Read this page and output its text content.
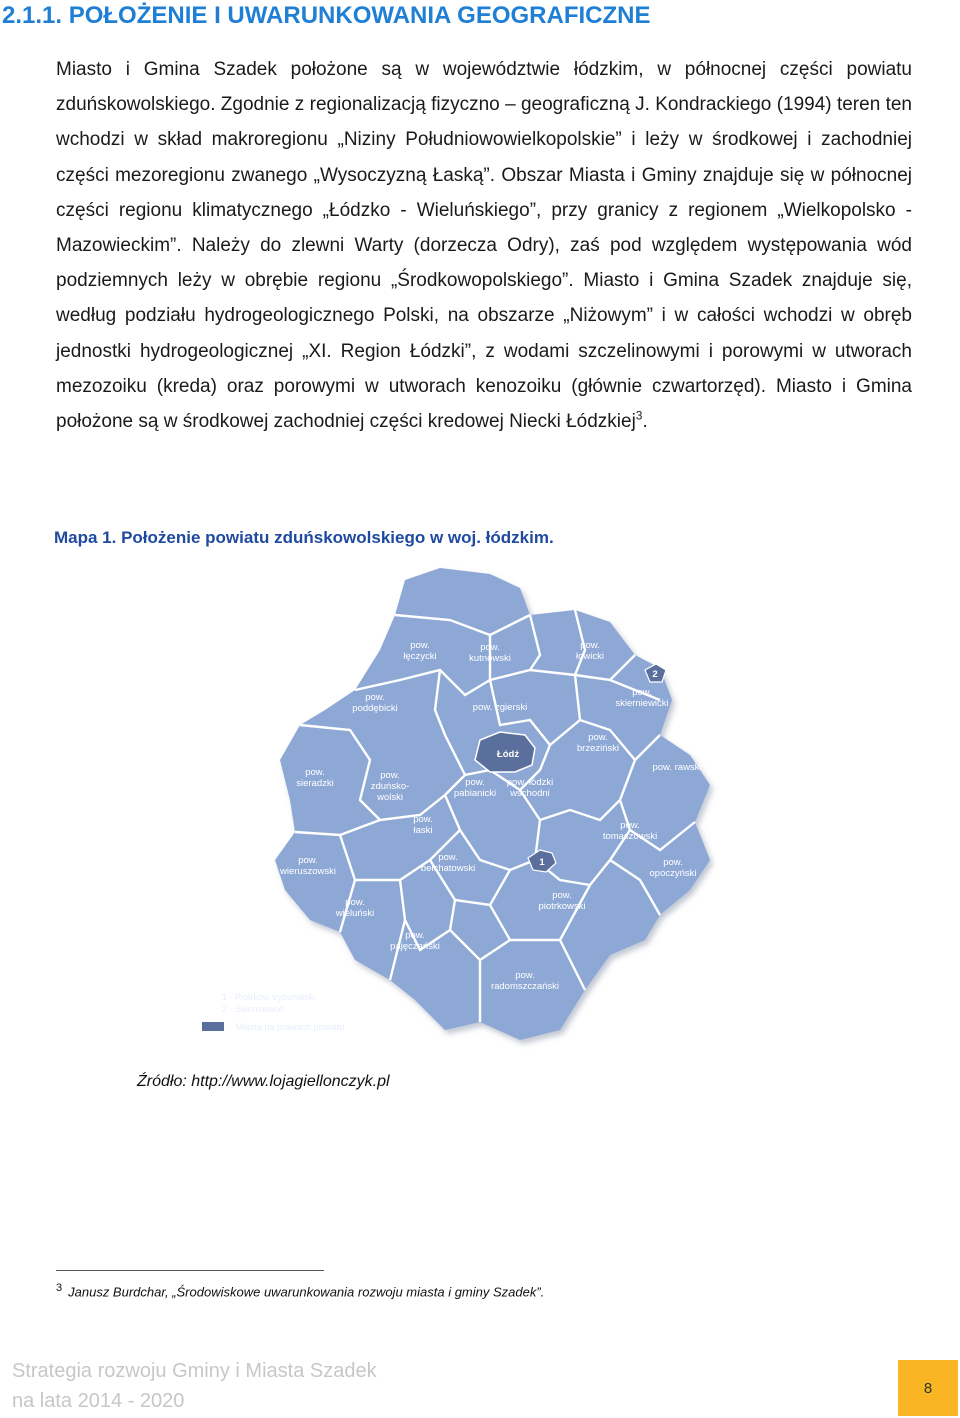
2.1.1. POŁOŻENIE I UWARUNKOWANIA GEOGRAFICZNE

Miasto i Gmina Szadek położone są w województwie łódzkim, w północnej części powiatu zduńskowolskiego. Zgodnie z regionalizacją fizyczno – geograficzną J. Kondrackiego (1994) teren ten wchodzi w skład makroregionu „Niziny Południowowielkopolskie” i leży w środkowej i zachodniej części mezoregionu zwanego „Wysoczyzną Łaską”. Obszar Miasta i Gminy znajduje się w północnej części regionu klimatycznego „Łódzko - Wieluńskiego”, przy granicy z regionem „Wielkopolsko -Mazowieckim”. Należy do zlewni Warty (dorzecza Odry), zaś pod względem występowania wód podziemnych leży w obrębie regionu „Środkowopolskiego”. Miasto i Gmina Szadek znajduje się, według podziału hydrogeologicznego Polski, na obszarze „Niżowym” i w całości wchodzi w obręb jednostki hydrogeologicznej „XI. Region Łódzki”, z wodami szczelinowymi i porowymi w utworach mezozoiku (kreda) oraz porowymi w utworach kenozoiku (głównie czwartorzęd). Miasto i Gmina położone są w środkowej zachodniej części kredowej Niecki Łódzkiej$^3$.

Mapa 1. Położenie powiatu zduńskowolskiego w woj. łódzkim.

1
2
pow. kutnowski
pow. łęczycki
pow. łowicki
pow. poddębicki	pow. zgierski
pow. skierniewicki
Łódź
pow. brzeziński
pow. rawski
pow. sieradzki
pow. zduńsko-wolski
pow. pabianicki
pow. łódzki wschodni
pow. łaski	pow. tomaszowski
pow. wieruszowski
pow. bełchatowski
pow. opoczyński
pow. wieluński
pow. piotrkowski
pow. pajęczański
pow. radomszczański
1 - Piotrków trybunalski
2 - Skierniewce
- Miasta na prawach powiatu

Źródło: http://www.lojagiellonczyk.pl

$^3$ Janusz Burdchar, „Środowiskowe uwarunkowania rozwoju miasta i gminy Szadek”.

Strategia rozwoju Gminy i Miasta Szadek
na lata 2014 - 2020
8
